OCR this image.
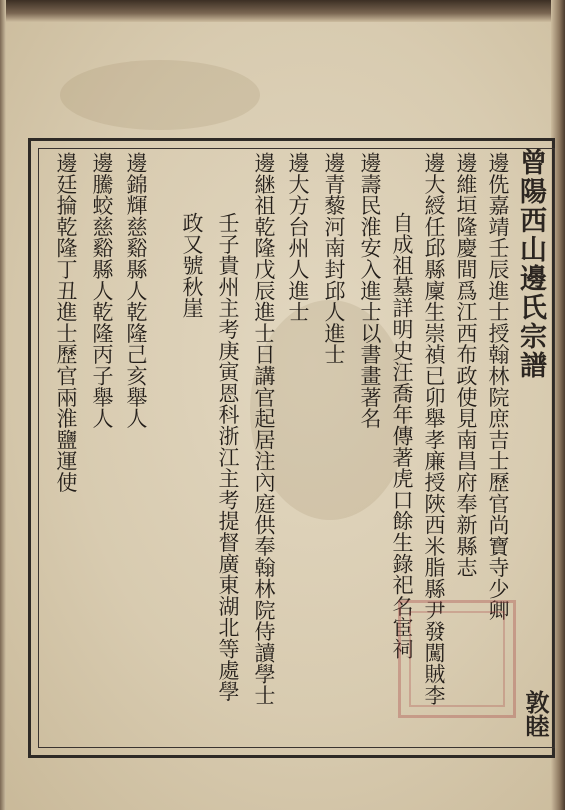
曾陽西山邊氏宗譜
邊侁嘉靖壬辰進士授翰林院庶吉士歷官尚寶寺少卿
邊維垣隆慶間爲江西布政使見南昌府奉新縣志
邊大綬任邱縣廩生崇禎已卯舉孝廉授陜西米脂縣尹發闖賊李
自成祖墓詳明史汪喬年傳著虎口餘生錄祀名宦祠
邊壽民淮安入進士以書畫著名
邊青藜河南封邱人進士
邊大方台州人進士
邊継祖乾隆戊辰進士日講官起居注內庭供奉翰林院侍讀學士
壬子貴州主考庚寅恩科浙江主考提督廣東湖北等處學
政又號秋崖
邊錦輝慈谿縣人乾隆己亥舉人
邊騰蛟慈谿縣人乾隆丙子舉人
邊廷掄乾隆丁丑進士歷官兩淮鹽運使
敦睦
